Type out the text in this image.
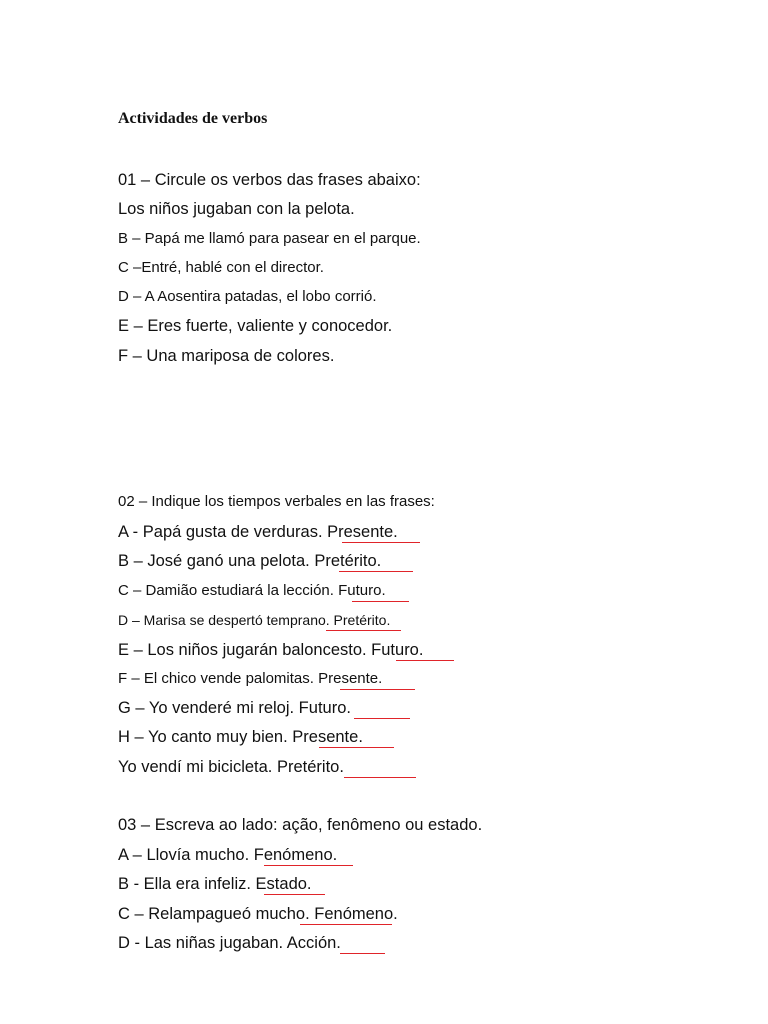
Actividades de verbos
01 – Circule os verbos das frases abaixo:
Los niños jugaban con la pelota.
B – Papá me llamó para pasear en el parque.
C –Entré, hablé con el director.
D – A Aosentira patadas, el lobo corrió.
E – Eres fuerte, valiente y conocedor.
F – Una mariposa de colores.
02 – Indique los tiempos verbales en las frases:
A - Papá gusta de verduras. Presente.
B – José ganó una pelota. Pretérito.
C – Damião estudiará la lección. Futuro.
D – Marisa se despertó temprano. Pretérito.
E – Los niños jugarán baloncesto. Futuro.
F – El chico vende palomitas. Presente.
G – Yo venderé mi reloj. Futuro.
H – Yo canto muy bien. Presente.
Yo vendí mi bicicleta. Pretérito.
03 – Escreva ao lado: ação, fenômeno ou estado.
A – Llovía mucho. Fenómeno.
B - Ella era infeliz. Estado.
C – Relampagueó mucho. Fenómeno.
D - Las niñas jugaban. Acción.
